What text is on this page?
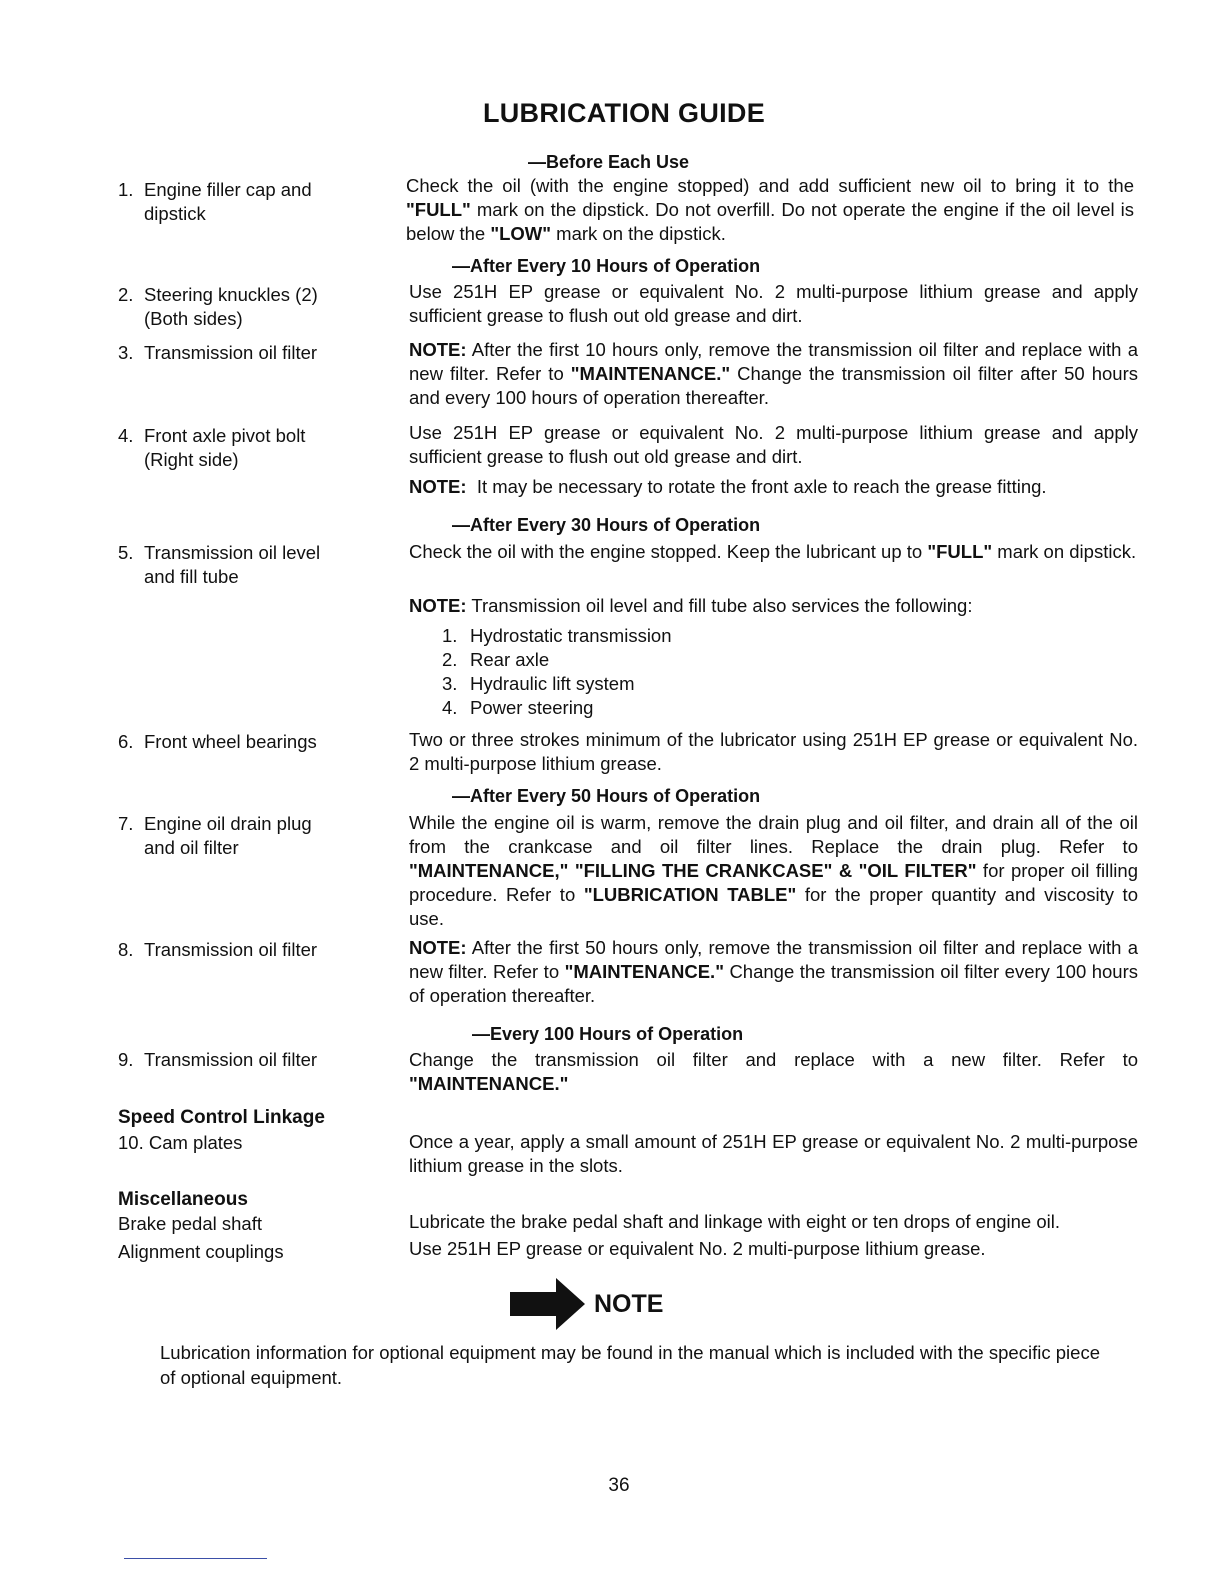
LUBRICATION GUIDE
—Before Each Use
—After Every 10 Hours of Operation
—After Every 30 Hours of Operation
—After Every 50 Hours of Operation
—Every 100 Hours of Operation
1. Engine filler cap and
dipstick
2. Steering knuckles (2)
(Both sides)
3. Transmission oil filter
4. Front axle pivot bolt
(Right side)
5. Transmission oil level
and fill tube
6. Front wheel bearings
7. Engine oil drain plug
and oil filter
8. Transmission oil filter
9. Transmission oil filter
Speed Control Linkage
10. Cam plates
Miscellaneous
Brake pedal shaft
Alignment couplings
Check the oil (with the engine stopped) and add sufficient new oil to bring it to the "FULL" mark on the dipstick. Do not overfill. Do not operate the engine if the oil level is below the "LOW" mark on the dipstick.
Use 251H EP grease or equivalent No. 2 multi-purpose lithium grease and apply sufficient grease to flush out old grease and dirt.
NOTE: After the first 10 hours only, remove the transmission oil filter and replace with a new filter. Refer to "MAINTENANCE." Change the transmission oil filter after 50 hours and every 100 hours of operation thereafter.
Use 251H EP grease or equivalent No. 2 multi-purpose lithium grease and apply sufficient grease to flush out old grease and dirt.
NOTE:  It may be necessary to rotate the front axle to reach the grease fitting.
Check the oil with the engine stopped. Keep the lubricant up to "FULL" mark on dipstick.
NOTE: Transmission oil level and fill tube also services the following:
1. Hydrostatic transmission
2. Rear axle
3. Hydraulic lift system
4. Power steering
Two or three strokes minimum of the lubricator using 251H EP grease or equivalent No. 2 multi-purpose lithium grease.
While the engine oil is warm, remove the drain plug and oil filter, and drain all of the oil from the crankcase and oil filter lines. Replace the drain plug. Refer to "MAINTENANCE," "FILLING THE CRANKCASE" & "OIL FILTER" for proper oil filling procedure. Refer to "LUBRICATION TABLE" for the proper quantity and viscosity to use.
NOTE: After the first 50 hours only, remove the transmission oil filter and replace with a new filter. Refer to "MAINTENANCE." Change the transmission oil filter every 100 hours of operation thereafter.
Change the transmission oil filter and replace with a new filter. Refer to "MAINTENANCE."
Once a year, apply a small amount of 251H EP grease or equivalent No. 2 multi-purpose lithium grease in the slots.
Lubricate the brake pedal shaft and linkage with eight or ten drops of engine oil.
Use 251H EP grease or equivalent No. 2 multi-purpose lithium grease.
NOTE
Lubrication information for optional equipment may be found in the manual which is included with the specific piece of optional equipment.
36
